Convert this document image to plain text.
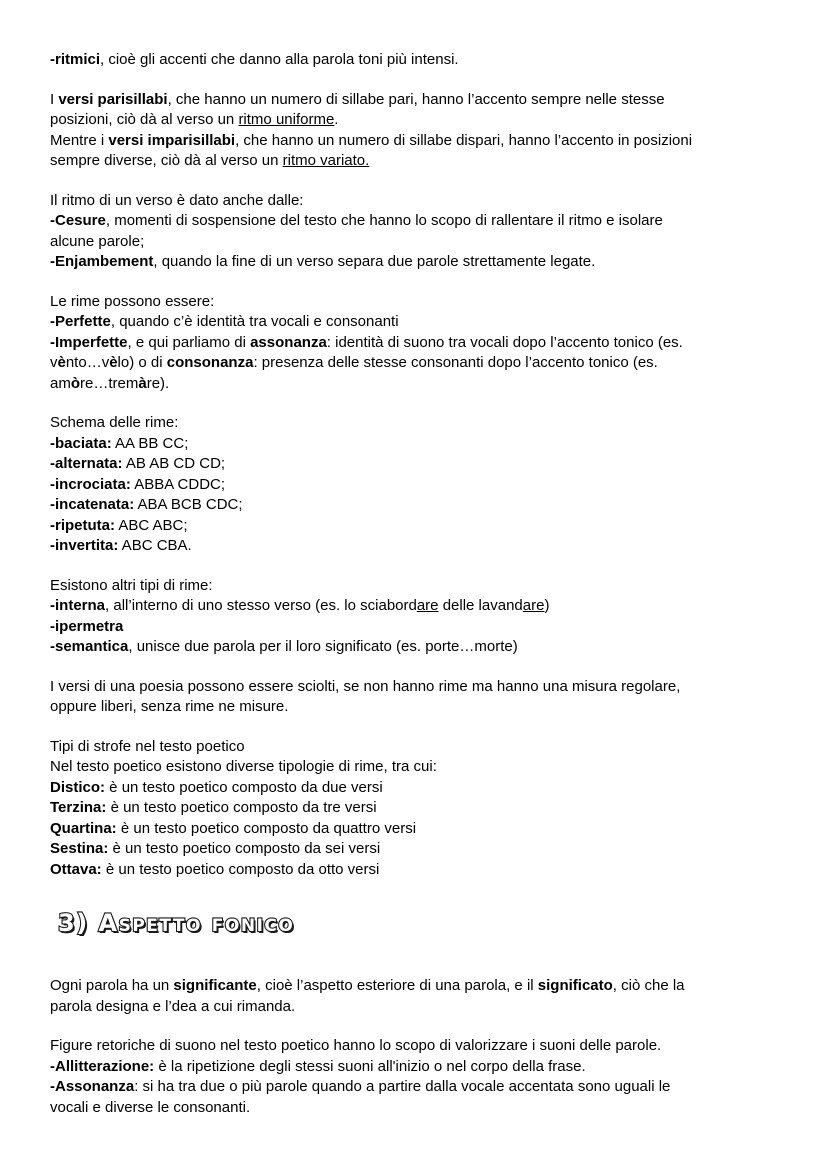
-ritmici, cioè gli accenti che danno alla parola toni più intensi.
I versi parisillabi, che hanno un numero di sillabe pari, hanno l’accento sempre nelle stesse
posizioni, ciò dà al verso un ritmo uniforme.
Mentre i versi imparisillabi, che hanno un numero di sillabe dispari, hanno l’accento in posizioni
sempre diverse, ciò dà al verso un ritmo variato.
Il ritmo di un verso è dato anche dalle:
-Cesure, momenti di sospensione del testo che hanno lo scopo di rallentare il ritmo e isolare
alcune parole;
-Enjambement, quando la fine di un verso separa due parole strettamente legate.
Le rime possono essere:
-Perfette, quando c’è identità tra vocali e consonanti
-Imperfette, e qui parliamo di assonanza: identità di suono tra vocali dopo l’accento tonico (es.
vènto…vèlo) o di consonanza: presenza delle stesse consonanti dopo l’accento tonico (es.
amòre…tremàre).
Schema delle rime:
-baciata: AA BB CC;
-alternata: AB AB CD CD;
-incrociata: ABBA CDDC;
-incatenata: ABA BCB CDC;
-ripetuta: ABC ABC;
-invertita: ABC CBA.
Esistono altri tipi di rime:
-interna, all’interno di uno stesso verso (es. lo sciabordare delle lavandare)
-ipermetra
-semantica, unisce due parola per il loro significato (es. porte…morte)
I versi di una poesia possono essere sciolti, se non hanno rime ma hanno una misura regolare,
oppure liberi, senza rime ne misure.
Tipi di strofe nel testo poetico
Nel testo poetico esistono diverse tipologie di rime, tra cui:
Distico: è un testo poetico composto da due versi
Terzina: è un testo poetico composto da tre versi
Quartina: è un testo poetico composto da quattro versi
Sestina: è un testo poetico composto da sei versi
Ottava: è un testo poetico composto da otto versi
3) Aspetto fonico
Ogni parola ha un significante, cioè l’aspetto esteriore di una parola, e il significato, ciò che la
parola designa e l’dea a cui rimanda.
Figure retoriche di suono nel testo poetico hanno lo scopo di valorizzare i suoni delle parole.
-Allitterazione: è la ripetizione degli stessi suoni all'inizio o nel corpo della frase.
-Assonanza: si ha tra due o più parole quando a partire dalla vocale accentata sono uguali le
vocali e diverse le consonanti.
